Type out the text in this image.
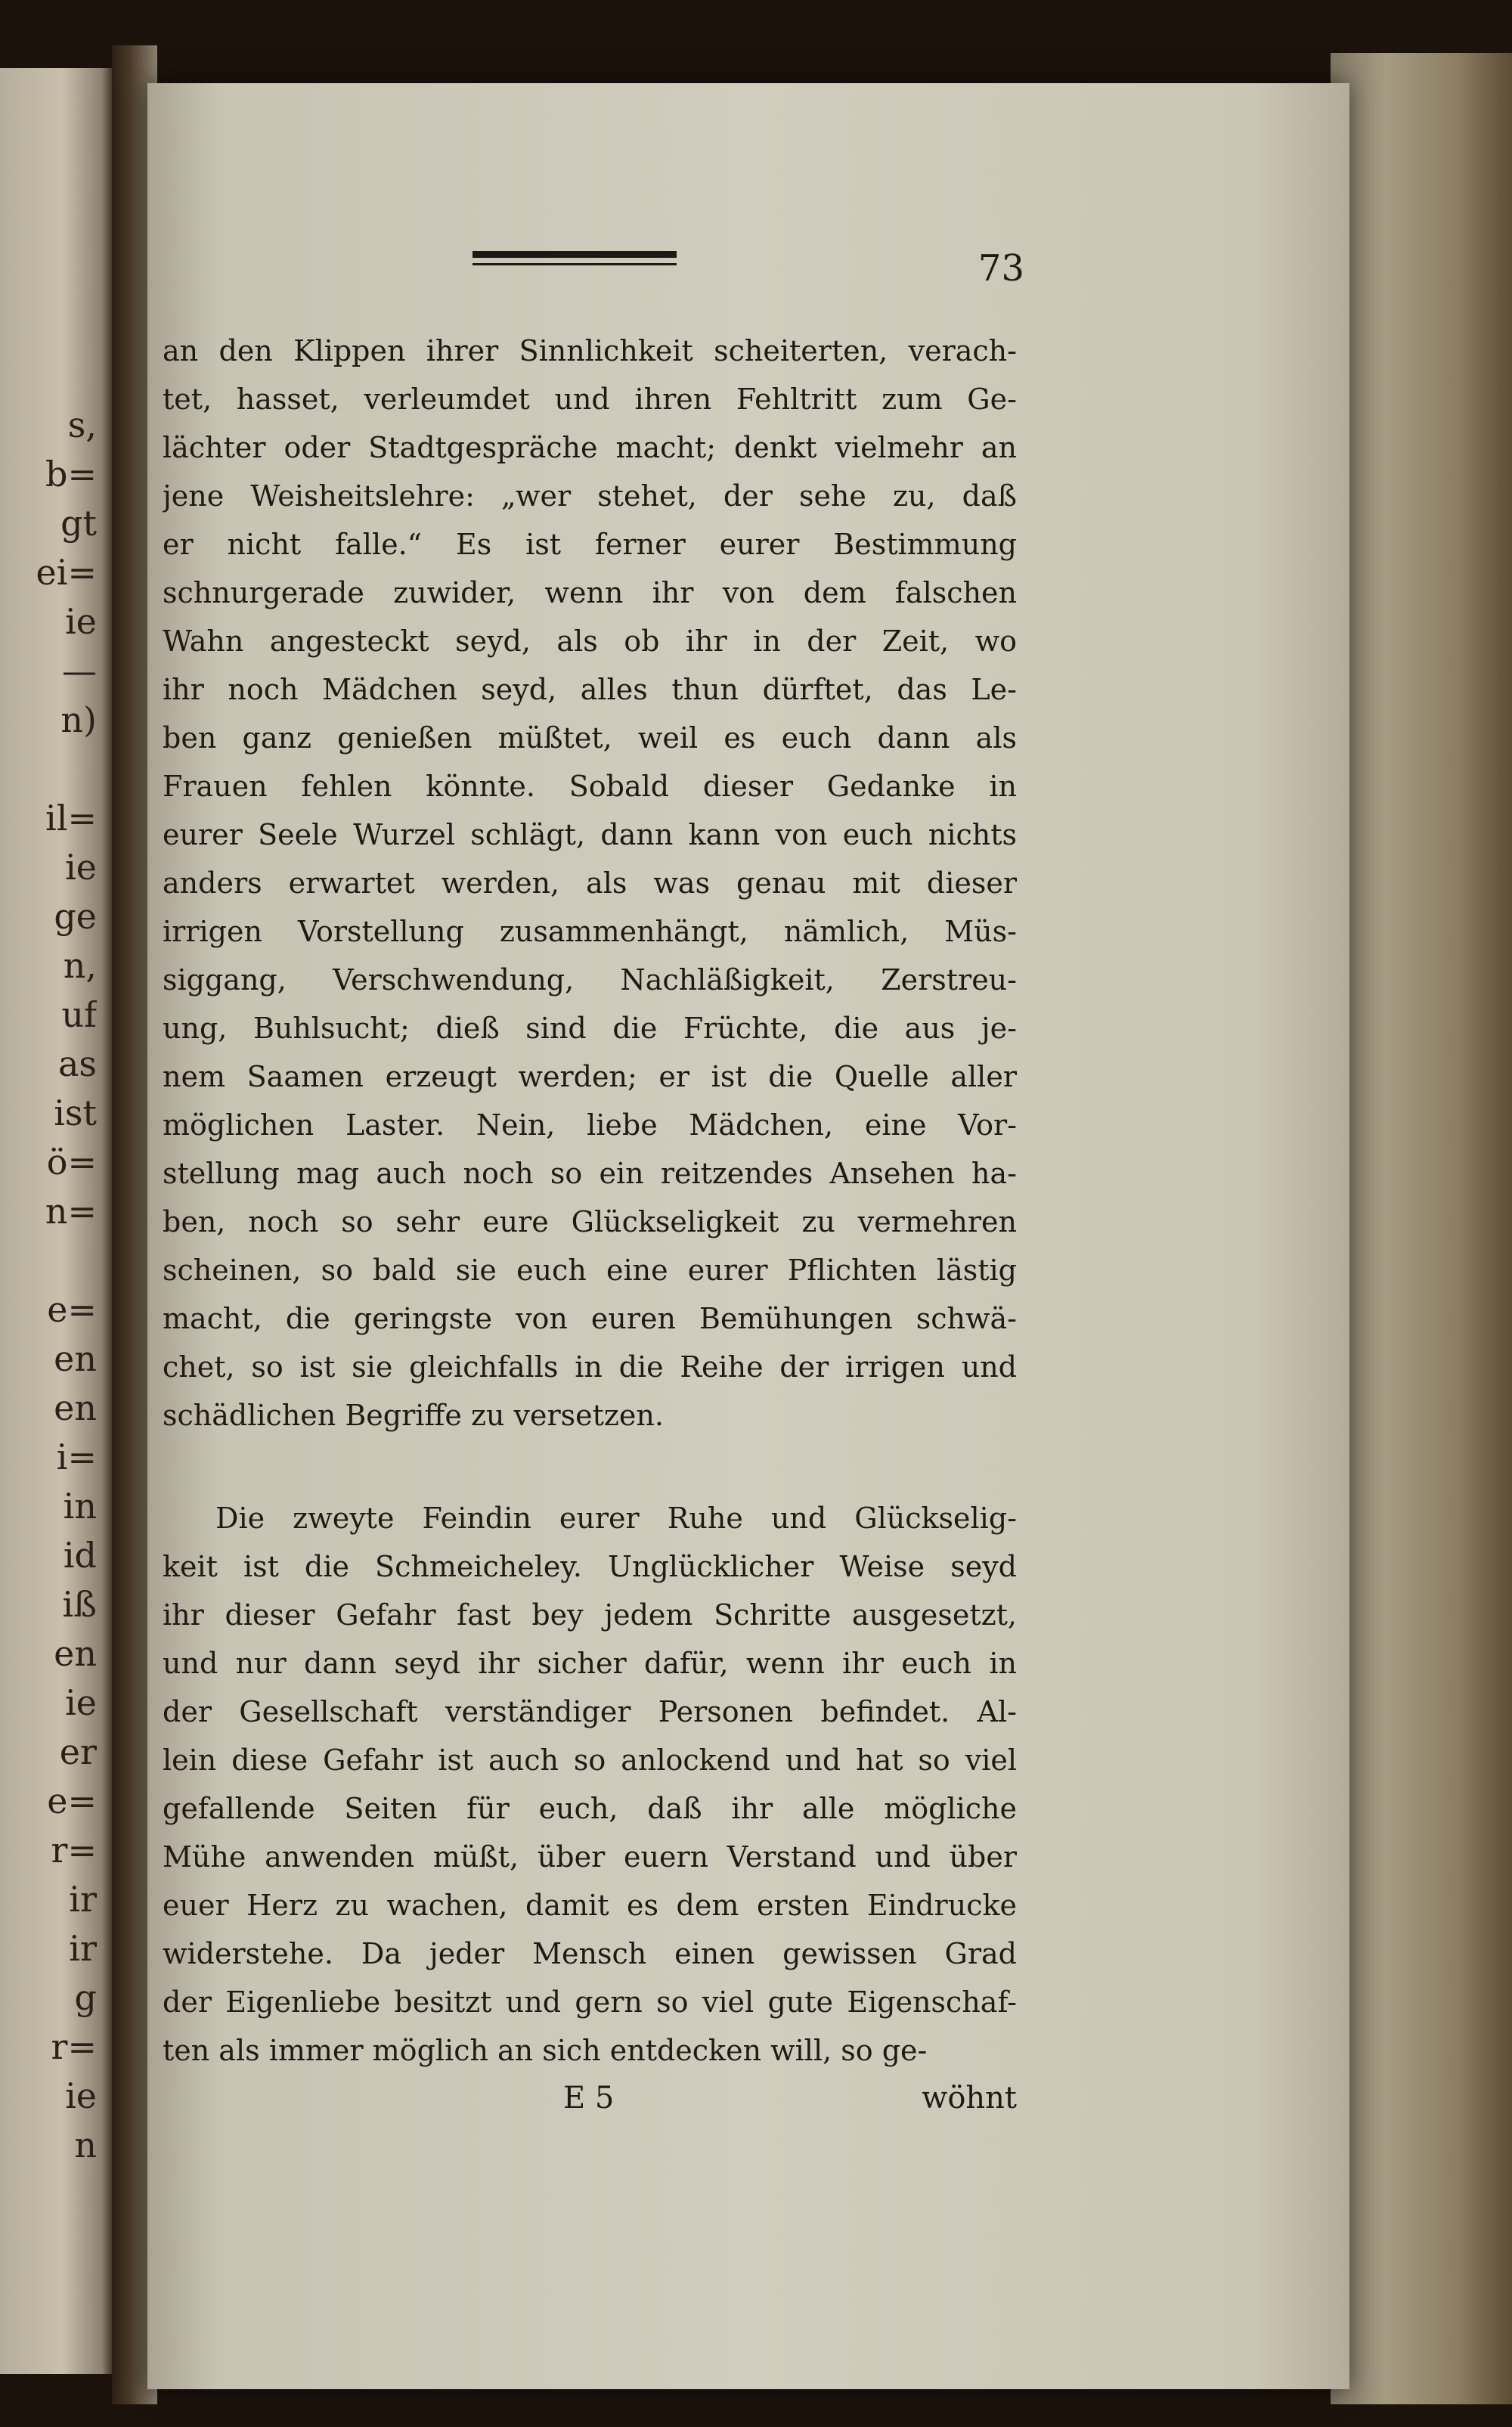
s,
b=
gt
ei=
ie
—
n)
il=
ie
ge
n,
uf
as
ist
ö=
n=
e=
en
en
i=
in
id
iß
en
ie
er
e=
r=
ir
ir
g
r=
ie
n
73
an den Klippen ihrer Sinnlichkeit scheiterten, verach-
tet, hasset, verleumdet und ihren Fehltritt zum Ge-
lächter oder Stadtgespräche macht; denkt vielmehr an
jene Weisheitslehre: „wer stehet, der sehe zu, daß
er nicht falle.“ Es ist ferner eurer Bestimmung
schnurgerade zuwider, wenn ihr von dem falschen
Wahn angesteckt seyd, als ob ihr in der Zeit, wo
ihr noch Mädchen seyd, alles thun dürftet, das Le-
ben ganz genießen müßtet, weil es euch dann als
Frauen fehlen könnte. Sobald dieser Gedanke in
eurer Seele Wurzel schlägt, dann kann von euch nichts
anders erwartet werden, als was genau mit dieser
irrigen Vorstellung zusammenhängt, nämlich, Müs-
siggang, Verschwendung, Nachläßigkeit, Zerstreu-
ung, Buhlsucht; dieß sind die Früchte, die aus je-
nem Saamen erzeugt werden; er ist die Quelle aller
möglichen Laster. Nein, liebe Mädchen, eine Vor-
stellung mag auch noch so ein reitzendes Ansehen ha-
ben, noch so sehr eure Glückseligkeit zu vermehren
scheinen, so bald sie euch eine eurer Pflichten lästig
macht, die geringste von euren Bemühungen schwä-
chet, so ist sie gleichfalls in die Reihe der irrigen und
schädlichen Begriffe zu versetzen.
Die zweyte Feindin eurer Ruhe und Glückselig-
keit ist die Schmeicheley. Unglücklicher Weise seyd
ihr dieser Gefahr fast bey jedem Schritte ausgesetzt,
und nur dann seyd ihr sicher dafür, wenn ihr euch in
der Gesellschaft verständiger Personen befindet. Al-
lein diese Gefahr ist auch so anlockend und hat so viel
gefallende Seiten für euch, daß ihr alle mögliche
Mühe anwenden müßt, über euern Verstand und über
euer Herz zu wachen, damit es dem ersten Eindrucke
widerstehe. Da jeder Mensch einen gewissen Grad
der Eigenliebe besitzt und gern so viel gute Eigenschaf-
ten als immer möglich an sich entdecken will, so ge-
E 5	wöhnt
